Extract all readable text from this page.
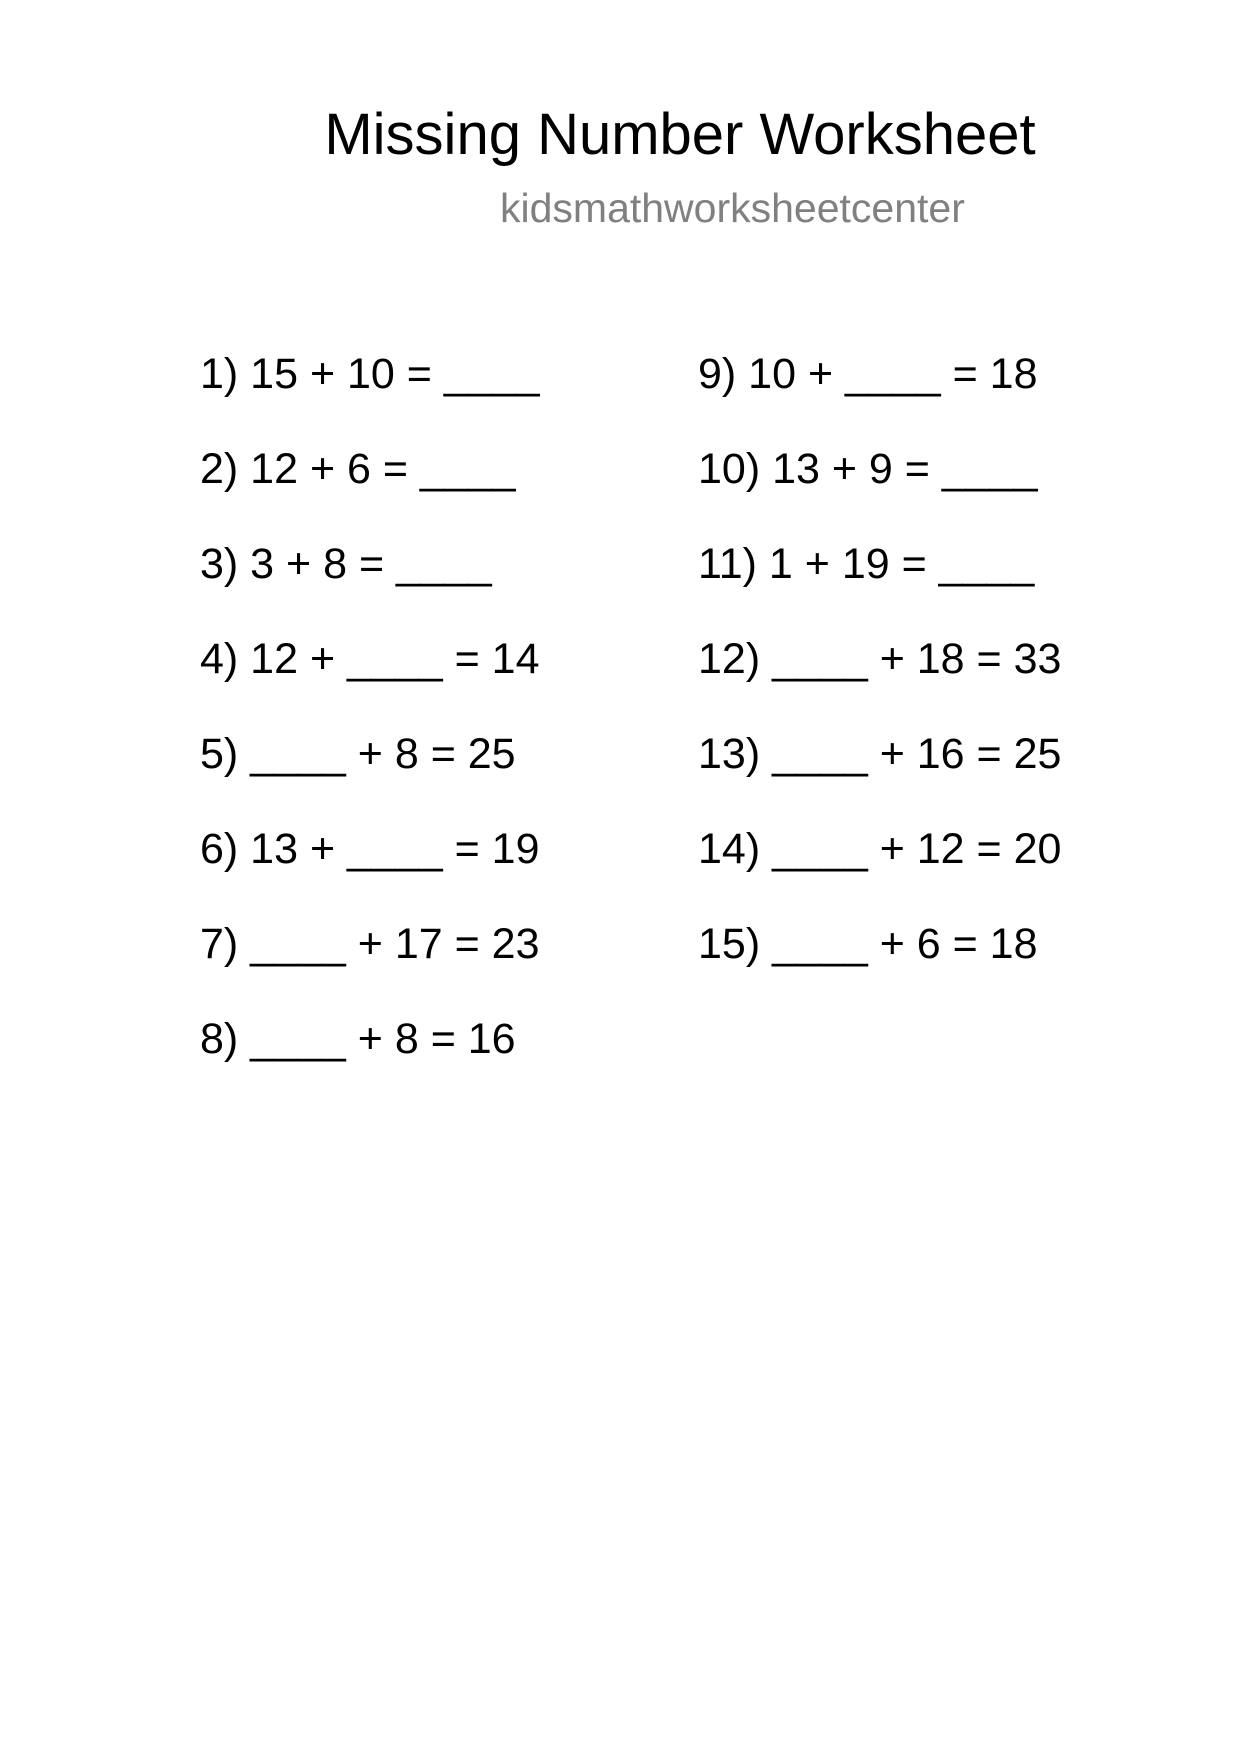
Missing Number Worksheet
kidsmathworksheetcenter
1) 15 + 10 = ____
2) 12 + 6 = ____
3) 3 + 8 = ____
4) 12 + ____ = 14
5) ____ + 8 = 25
6) 13 + ____ = 19
7) ____ + 17 = 23
8) ____ + 8 = 16
9) 10 + ____ = 18
10) 13 + 9 = ____
11) 1 + 19 = ____
12) ____ + 18 = 33
13) ____ + 16 = 25
14) ____ + 12 = 20
15) ____ + 6 = 18
